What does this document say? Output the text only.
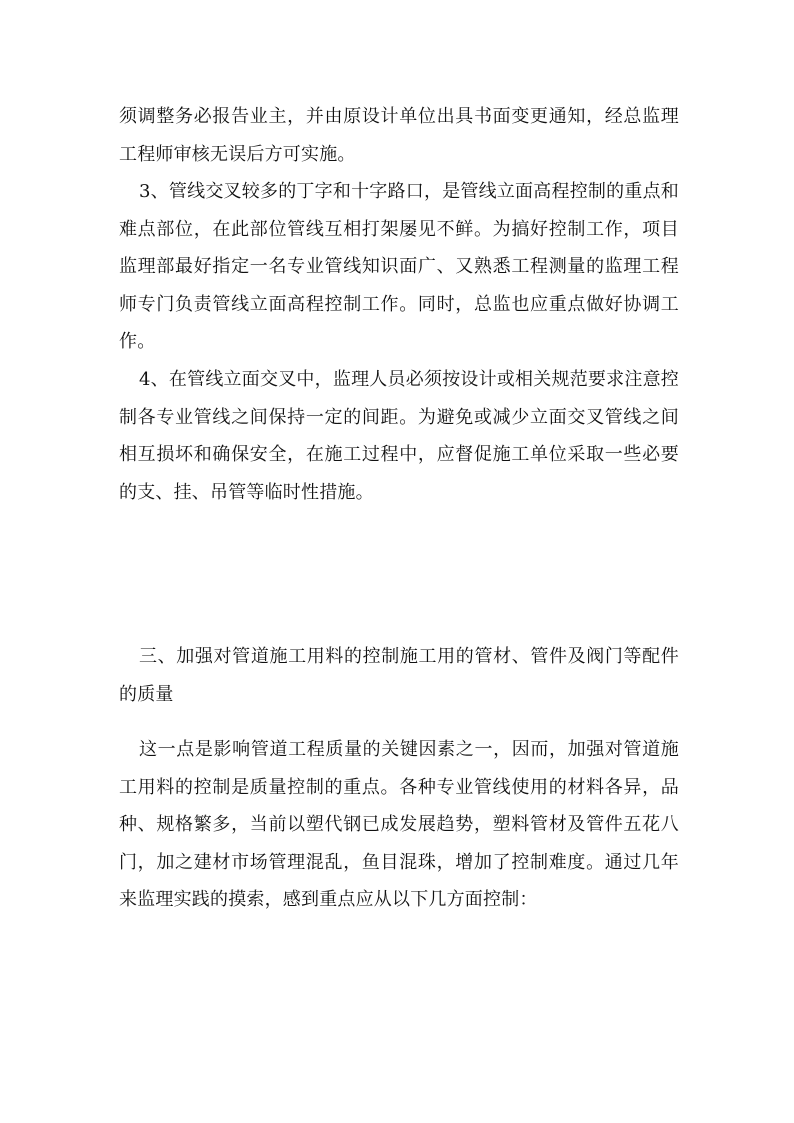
须调整务必报告业主，并由原设计单位出具书面变更通知，经总监理工程师审核无误后方可实施。

3、管线交叉较多的丁字和十字路口，是管线立面高程控制的重点和难点部位，在此部位管线互相打架屡见不鲜。为搞好控制工作，项目监理部最好指定一名专业管线知识面广、又熟悉工程测量的监理工程师专门负责管线立面高程控制工作。同时，总监也应重点做好协调工作。

4、在管线立面交叉中，监理人员必须按设计或相关规范要求注意控制各专业管线之间保持一定的间距。为避免或减少立面交叉管线之间相互损坏和确保安全，在施工过程中，应督促施工单位采取一些必要的支、挂、吊管等临时性措施。

三、加强对管道施工用料的控制施工用的管材、管件及阀门等配件的质量

这一点是影响管道工程质量的关键因素之一，因而，加强对管道施工用料的控制是质量控制的重点。各种专业管线使用的材料各异，品种、规格繁多，当前以塑代钢已成发展趋势，塑料管材及管件五花八门，加之建材市场管理混乱，鱼目混珠，增加了控制难度。通过几年来监理实践的摸索，感到重点应从以下几方面控制：
